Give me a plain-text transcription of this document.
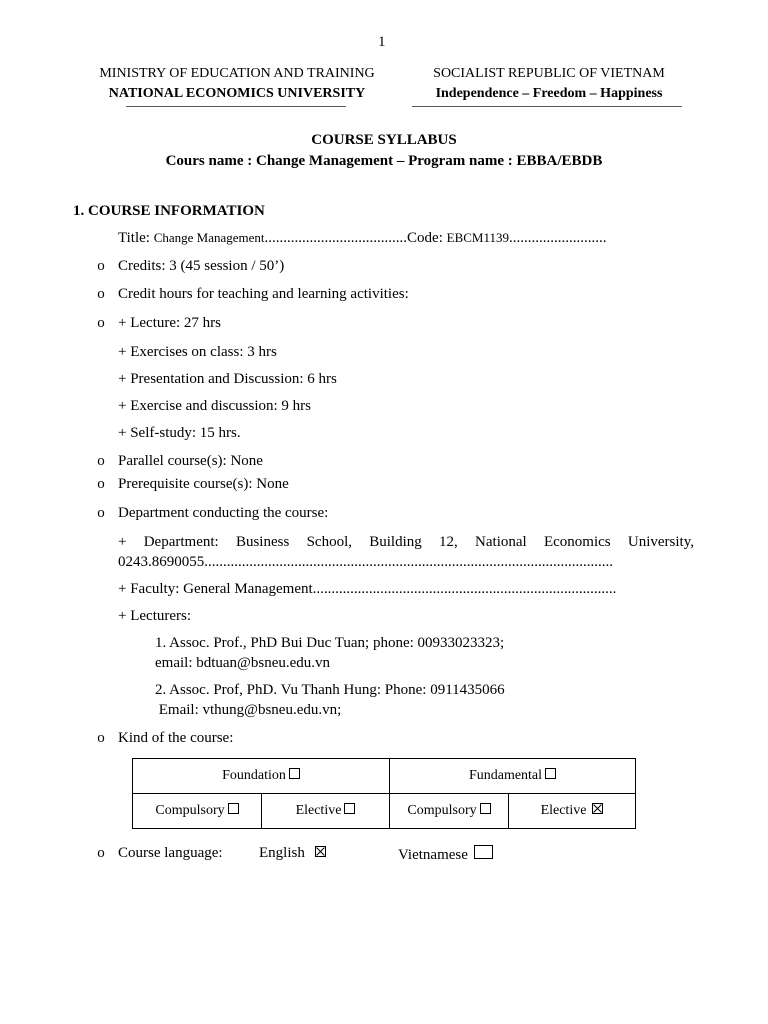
1
MINISTRY OF EDUCATION AND TRAINING
NATIONAL ECONOMICS UNIVERSITY
SOCIALIST REPUBLIC OF VIETNAM
Independence – Freedom – Happiness
COURSE SYLLABUS
Cours name : Change Management – Program name : EBBA/EBDB
1. COURSE INFORMATION
Title: Change Management......................................Code: EBCM1139..........................
o Credits: 3 (45 session / 50’)
o Credit hours for teaching and learning activities:
o + Lecture: 27 hrs
+ Exercises on class: 3 hrs
+ Presentation and Discussion: 6 hrs
+ Exercise and discussion: 9 hrs
+ Self-study: 15 hrs.
o Parallel course(s): None
o Prerequisite course(s): None
o Department conducting the course:
+ Department: Business School, Building 12, National Economics University,
0243.8690055.............................................................................................................
+ Faculty: General Management.................................................................................
+ Lecturers:
1. Assoc. Prof., PhD Bui Duc Tuan; phone: 00933023323;
email: bdtuan@bsneu.edu.vn
2. Assoc. Prof, PhD. Vu Thanh Hung: Phone: 0911435066
Email: vthung@bsneu.edu.vn;
o Kind of the course:
Foundation		Fundamental	
Compulsory	Elective	Compulsory	Elective
o Course language: English	Vietnamese
